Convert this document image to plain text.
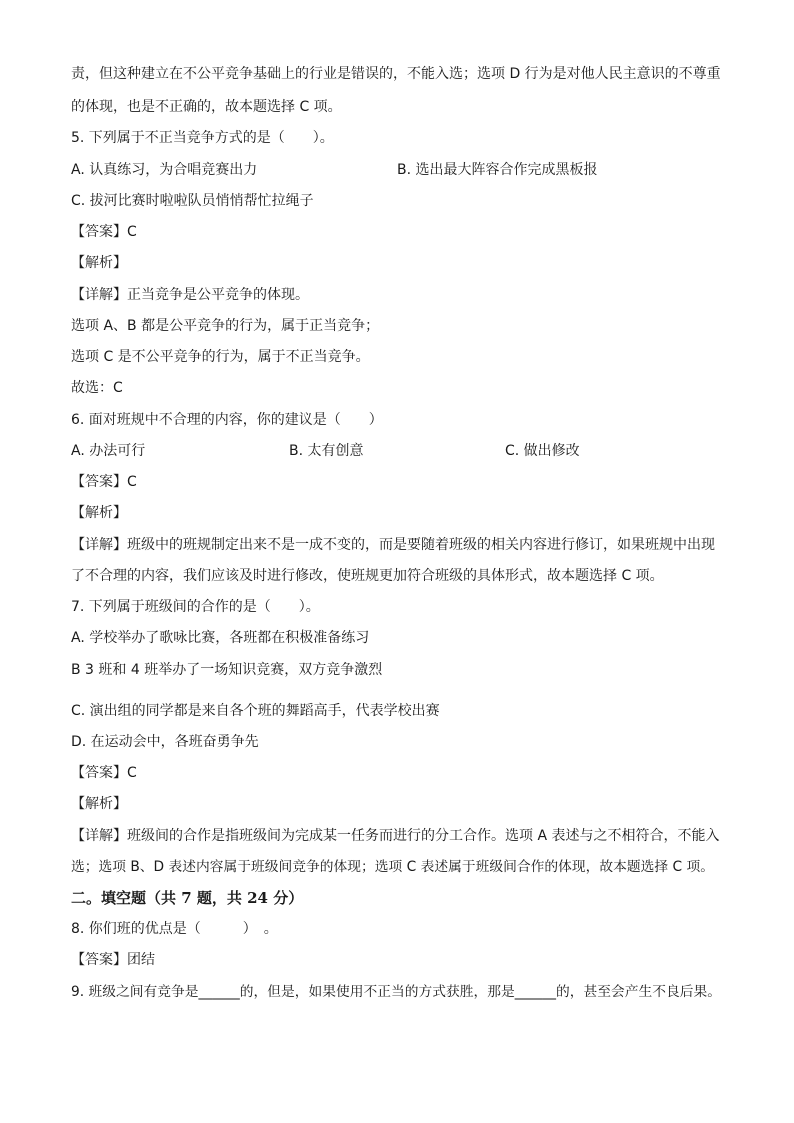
责，但这种建立在不公平竞争基础上的行业是错误的，不能入选；选项 D 行为是对他人民主意识的不尊重
的体现，也是不正确的，故本题选择 C 项。
5. 下列属于不正当竞争方式的是（　　）。
A. 认真练习，为合唱竞赛出力	B. 选出最大阵容合作完成黑板报
C. 拔河比赛时啦啦队员悄悄帮忙拉绳子
【答案】C
【解析】
【详解】正当竞争是公平竞争的体现。
选项 A、B 都是公平竞争的行为，属于正当竞争；
选项 C 是不公平竞争的行为，属于不正当竞争。
故选：C
6. 面对班规中不合理的内容，你的建议是（　　）
A. 办法可行	B. 太有创意	C. 做出修改
【答案】C
【解析】
【详解】班级中的班规制定出来不是一成不变的，而是要随着班级的相关内容进行修订，如果班规中出现
了不合理的内容，我们应该及时进行修改，使班规更加符合班级的具体形式，故本题选择 C 项。
7. 下列属于班级间的合作的是（　　）。
A. 学校举办了歌咏比赛，各班都在积极准备练习
B 3 班和 4 班举办了一场知识竞赛，双方竞争激烈
C. 演出组的同学都是来自各个班的舞蹈高手，代表学校出赛
D. 在运动会中，各班奋勇争先
【答案】C
【解析】
【详解】班级间的合作是指班级间为完成某一任务而进行的分工合作。选项 A 表述与之不相符合，不能入
选；选项 B、D 表述内容属于班级间竞争的体现；选项 C 表述属于班级间合作的体现，故本题选择 C 项。
二。填空题（共 7 题，共 24 分）
8. 你们班的优点是（　　　）　。
【答案】团结
9. 班级之间有竞争是______的，但是，如果使用不正当的方式获胜，那是______的，甚至会产生不良后果。
